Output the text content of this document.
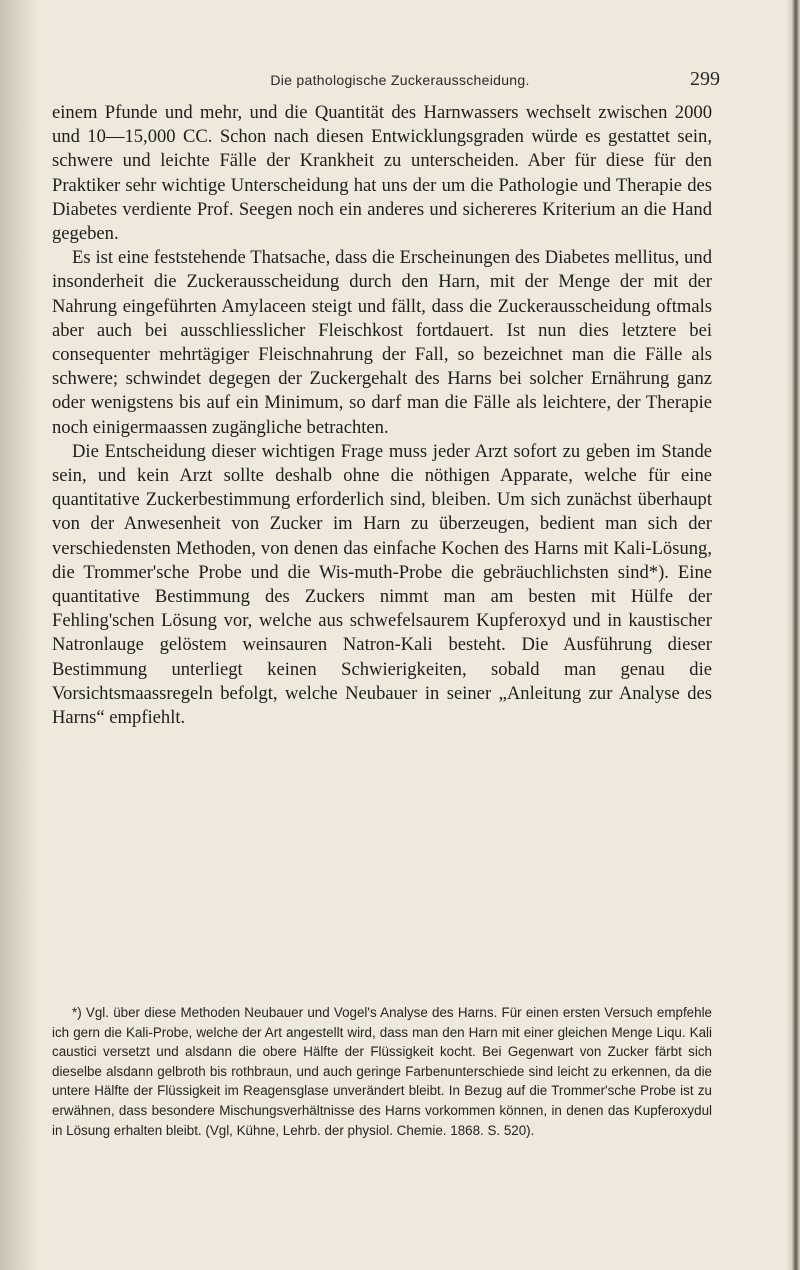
Die pathologische Zuckerausscheidung.	299

einem Pfunde und mehr, und die Quantität des Harnwassers wechselt zwischen 2000 und 10—15,000 CC. Schon nach diesen Entwicklungsgraden würde es gestattet sein, schwere und leichte Fälle der Krankheit zu unterscheiden. Aber für diese für den Praktiker sehr wichtige Unterscheidung hat uns der um die Pathologie und Therapie des Diabetes verdiente Prof. Seegen noch ein anderes und sichereres Kriterium an die Hand gegeben.

Es ist eine feststehende Thatsache, dass die Erscheinungen des Diabetes mellitus, und insonderheit die Zuckerausscheidung durch den Harn, mit der Menge der mit der Nahrung eingeführten Amylaceen steigt und fällt, dass die Zuckerausscheidung oftmals aber auch bei ausschliesslicher Fleischkost fortdauert. Ist nun dies letztere bei consequenter mehrtägiger Fleischnahrung der Fall, so bezeichnet man die Fälle als schwere; schwindet degegen der Zuckergehalt des Harns bei solcher Ernährung ganz oder wenigstens bis auf ein Minimum, so darf man die Fälle als leichtere, der Therapie noch einigermaassen zugängliche betrachten.

Die Entscheidung dieser wichtigen Frage muss jeder Arzt sofort zu geben im Stande sein, und kein Arzt sollte deshalb ohne die nöthigen Apparate, welche für eine quantitative Zuckerbestimmung erforderlich sind, bleiben. Um sich zunächst überhaupt von der Anwesenheit von Zucker im Harn zu überzeugen, bedient man sich der verschiedensten Methoden, von denen das einfache Kochen des Harns mit Kali-Lösung, die Trommer'sche Probe und die Wis-muth-Probe die gebräuchlichsten sind*). Eine quantitative Bestimmung des Zuckers nimmt man am besten mit Hülfe der Fehling'schen Lösung vor, welche aus schwefelsaurem Kupferoxyd und in kaustischer Natronlauge gelöstem weinsauren Natron-Kali besteht. Die Ausführung dieser Bestimmung unterliegt keinen Schwierigkeiten, sobald man genau die Vorsichtsmaassregeln befolgt, welche Neubauer in seiner „Anleitung zur Analyse des Harns“ empfiehlt.

*) Vgl. über diese Methoden Neubauer und Vogel's Analyse des Harns. Für einen ersten Versuch empfehle ich gern die Kali-Probe, welche der Art angestellt wird, dass man den Harn mit einer gleichen Menge Liqu. Kali caustici versetzt und alsdann die obere Hälfte der Flüssigkeit kocht. Bei Gegenwart von Zucker färbt sich dieselbe alsdann gelbroth bis rothbraun, und auch geringe Farbenunterschiede sind leicht zu erkennen, da die untere Hälfte der Flüssigkeit im Reagensglase unverändert bleibt. In Bezug auf die Trommer'sche Probe ist zu erwähnen, dass besondere Mischungsverhältnisse des Harns vorkommen können, in denen das Kupferoxydul in Lösung erhalten bleibt. (Vgl, Kühne, Lehrb. der physiol. Chemie. 1868. S. 520).
